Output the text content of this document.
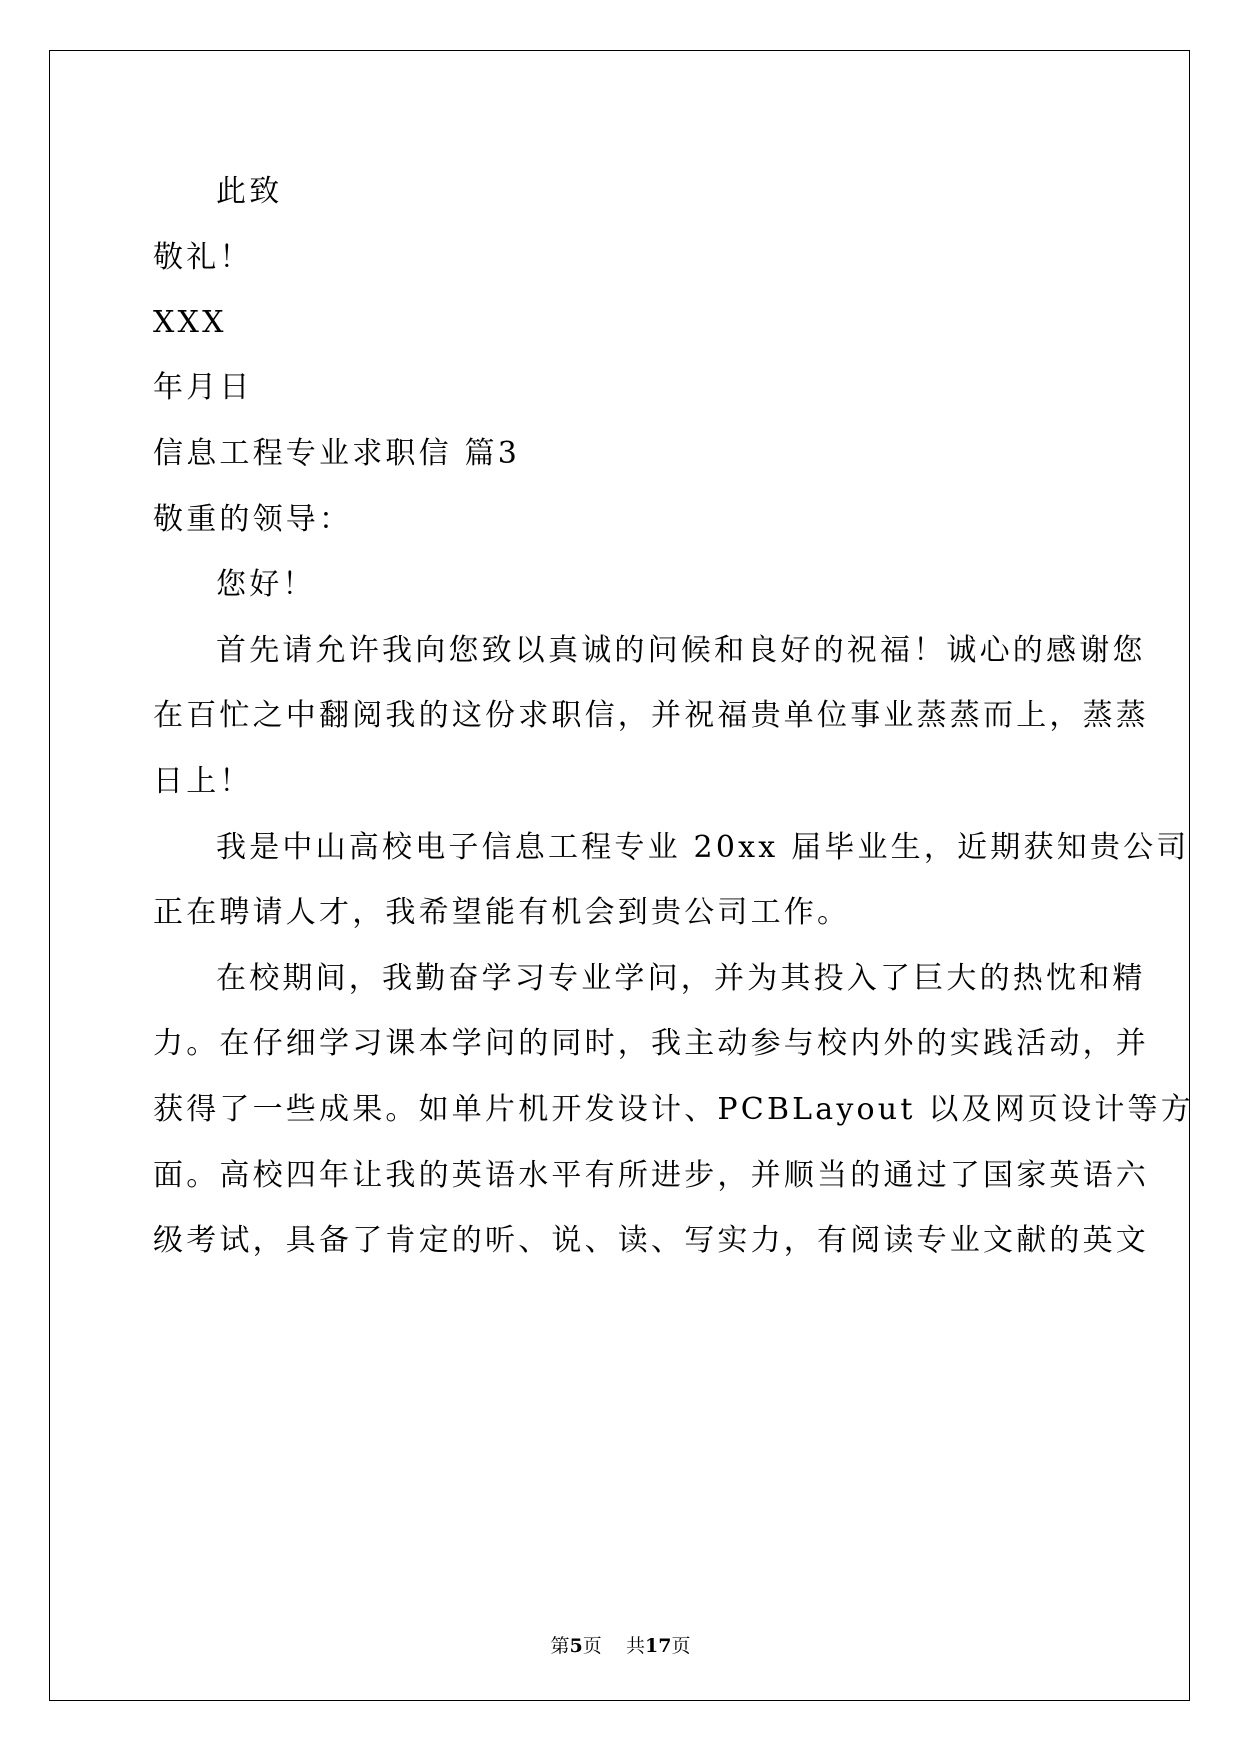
此致
敬礼！
XXX
年月日
信息工程专业求职信 篇3
敬重的领导：
您好！
首先请允许我向您致以真诚的问候和良好的祝福！诚心的感谢您
在百忙之中翻阅我的这份求职信，并祝福贵单位事业蒸蒸而上，蒸蒸
日上！
我是中山高校电子信息工程专业 20xx 届毕业生，近期获知贵公司
正在聘请人才，我希望能有机会到贵公司工作。
在校期间，我勤奋学习专业学问，并为其投入了巨大的热忱和精
力。在仔细学习课本学问的同时，我主动参与校内外的实践活动，并
获得了一些成果。如单片机开发设计、PCBLayout 以及网页设计等方
面。高校四年让我的英语水平有所进步，并顺当的通过了国家英语六
级考试，具备了肯定的听、说、读、写实力，有阅读专业文献的英文
第5页 共17页
